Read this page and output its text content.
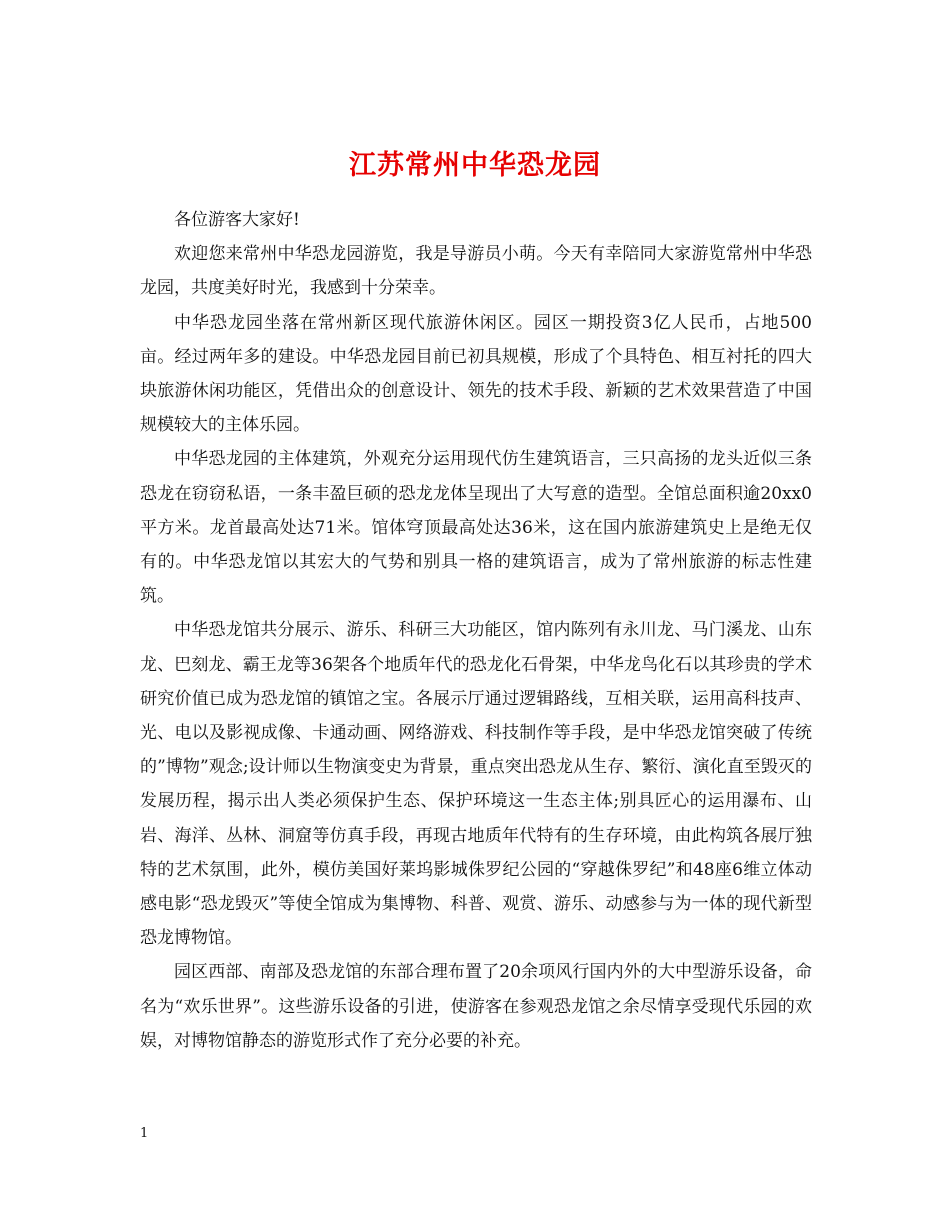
江苏常州中华恐龙园

各位游客大家好!

欢迎您来常州中华恐龙园游览，我是导游员小萌。今天有幸陪同大家游览常州中华恐龙园，共度美好时光，我感到十分荣幸。

中华恐龙园坐落在常州新区现代旅游休闲区。园区一期投资3亿人民币，占地500亩。经过两年多的建设。中华恐龙园目前已初具规模，形成了个具特色、相互衬托的四大块旅游休闲功能区，凭借出众的创意设计、领先的技术手段、新颖的艺术效果营造了中国规模较大的主体乐园。

中华恐龙园的主体建筑，外观充分运用现代仿生建筑语言，三只高扬的龙头近似三条恐龙在窃窃私语，一条丰盈巨硕的恐龙龙体呈现出了大写意的造型。全馆总面积逾20xx0平方米。龙首最高处达71米。馆体穹顶最高处达36米，这在国内旅游建筑史上是绝无仅有的。中华恐龙馆以其宏大的气势和别具一格的建筑语言，成为了常州旅游的标志性建筑。

中华恐龙馆共分展示、游乐、科研三大功能区，馆内陈列有永川龙、马门溪龙、山东龙、巴刻龙、霸王龙等36架各个地质年代的恐龙化石骨架，中华龙鸟化石以其珍贵的学术研究价值已成为恐龙馆的镇馆之宝。各展示厅通过逻辑路线，互相关联，运用高科技声、光、电以及影视成像、卡通动画、网络游戏、科技制作等手段，是中华恐龙馆突破了传统的”博物”观念;设计师以生物演变史为背景，重点突出恐龙从生存、繁衍、演化直至毁灭的发展历程，揭示出人类必须保护生态、保护环境这一生态主体;别具匠心的运用瀑布、山岩、海洋、丛林、洞窟等仿真手段，再现古地质年代特有的生存环境，由此构筑各展厅独特的艺术氛围，此外，模仿美国好莱坞影城侏罗纪公园的“穿越侏罗纪”和48座6维立体动感电影“恐龙毁灭”等使全馆成为集博物、科普、观赏、游乐、动感参与为一体的现代新型恐龙博物馆。

园区西部、南部及恐龙馆的东部合理布置了20余项风行国内外的大中型游乐设备，命名为“欢乐世界”。这些游乐设备的引进，使游客在参观恐龙馆之余尽情享受现代乐园的欢娱，对博物馆静态的游览形式作了充分必要的补充。

1
